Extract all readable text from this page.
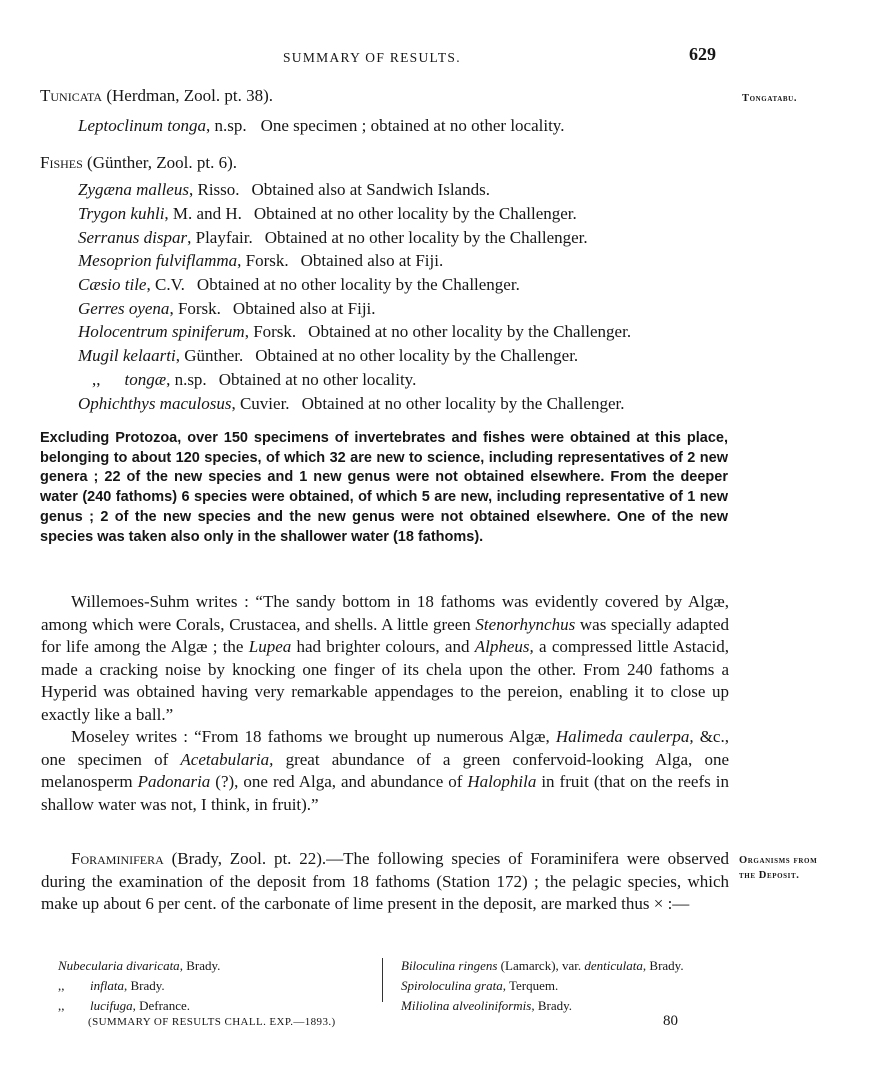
SUMMARY OF RESULTS.	629
Tongatabu.
Organisms from
the Deposit.
Tunicata (Herdman, Zool. pt. 38).
Leptoclinum tonga, n.sp. One specimen ; obtained at no other locality.
Fishes (Günther, Zool. pt. 6).
Zygæna malleus, Risso. Obtained also at Sandwich Islands.
Trygon kuhli, M. and H. Obtained at no other locality by the Challenger.
Serranus dispar, Playfair. Obtained at no other locality by the Challenger.
Mesoprion fulviflamma, Forsk. Obtained also at Fiji.
Cæsio tile, C.V. Obtained at no other locality by the Challenger.
Gerres oyena, Forsk. Obtained also at Fiji.
Holocentrum spiniferum, Forsk. Obtained at no other locality by the Challenger.
Mugil kelaarti, Günther. Obtained at no other locality by the Challenger.
,, tongæ, n.sp. Obtained at no other locality.
Ophichthys maculosus, Cuvier. Obtained at no other locality by the Challenger.
Excluding Protozoa, over 150 specimens of invertebrates and fishes were obtained at this place, belonging to about 120 species, of which 32 are new to science, including representatives of 2 new genera ; 22 of the new species and 1 new genus were not obtained elsewhere. From the deeper water (240 fathoms) 6 species were obtained, of which 5 are new, including representative of 1 new genus ; 2 of the new species and the new genus were not obtained elsewhere. One of the new species was taken also only in the shallower water (18 fathoms).

Willemoes-Suhm writes : “The sandy bottom in 18 fathoms was evidently covered by Algæ, among which were Corals, Crustacea, and shells. A little green Stenorhynchus was specially adapted for life among the Algæ ; the Lupea had brighter colours, and Alpheus, a compressed little Astacid, made a cracking noise by knocking one finger of its chela upon the other. From 240 fathoms a Hyperid was obtained having very remarkable appendages to the pereion, enabling it to close up exactly like a ball.”

Moseley writes : “From 18 fathoms we brought up numerous Algæ, Halimeda caulerpa, &c., one specimen of Acetabularia, great abundance of a green confervoid-looking Alga, one melanosperm Padonaria (?), one red Alga, and abundance of Halophila in fruit (that on the reefs in shallow water was not, I think, in fruit).”

Foraminifera (Brady, Zool. pt. 22).—The following species of Foraminifera were observed during the examination of the deposit from 18 fathoms (Station 172) ; the pelagic species, which make up about 6 per cent. of the carbonate of lime present in the deposit, are marked thus × :—

Nubecularia divaricata, Brady.
,, inflata, Brady.
,, lucifuga, Defrance.
Biloculina ringens (Lamarck), var. denticulata, Brady.
Spiroloculina grata, Terquem.
Miliolina alveoliniformis, Brady.
(SUMMARY OF RESULTS CHALL. EXP.—1893.)	80
